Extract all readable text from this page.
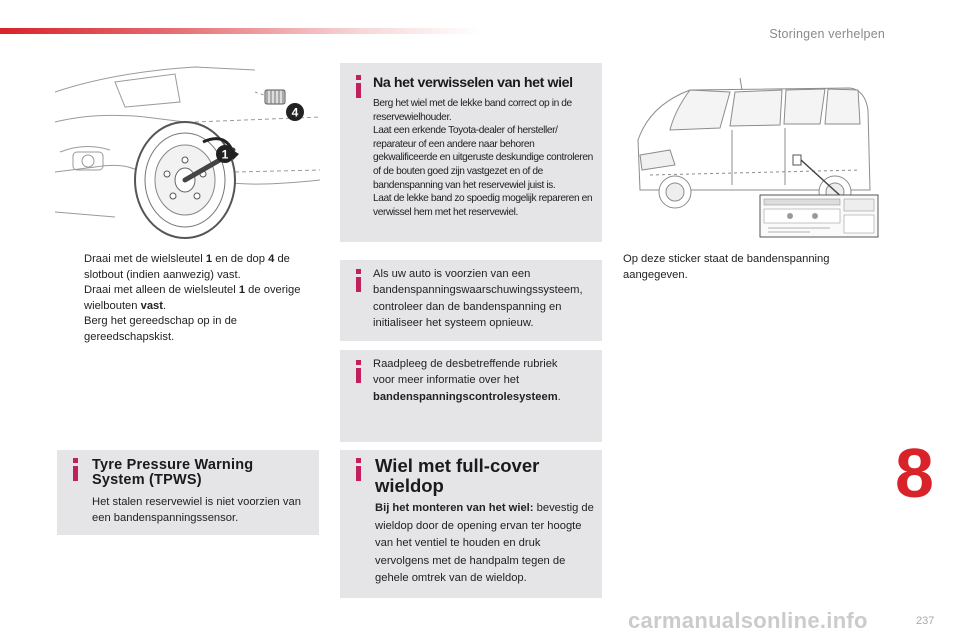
Storingen verhelpen
1
4
Draai met de wielsleutel 1 en de dop 4 de slotbout (indien aanwezig) vast.
Draai met alleen de wielsleutel 1 de overige wielbouten vast.
Berg het gereedschap op in de gereedschapskist.
Na het verwisselen van het wiel
Berg het wiel met de lekke band correct op in de reservewielhouder.
Laat een erkende Toyota-dealer of hersteller/ reparateur of een andere naar behoren gekwalificeerde en uitgeruste deskundige controleren of de bouten goed zijn vastgezet en of de bandenspanning van het reservewiel juist is.
Laat de lekke band zo spoedig mogelijk repareren en verwissel hem met het reservewiel.
Als uw auto is voorzien van een bandenspanningswaarschuwingssysteem, controleer dan de bandenspanning en initialiseer het systeem opnieuw.
Raadpleeg de desbetreffende rubriek voor meer informatie over het bandenspanningscontrolesysteem.
Tyre Pressure Warning System (TPWS)
Het stalen reservewiel is niet voorzien van een bandenspanningssensor.
Wiel met full-cover wieldop
Bij het monteren van het wiel: bevestig de wieldop door de opening ervan ter hoogte van het ventiel te houden en druk vervolgens met de handpalm tegen de gehele omtrek van de wieldop.
Op deze sticker staat de bandenspanning aangegeven.
8
carmanualsonline.info	237
